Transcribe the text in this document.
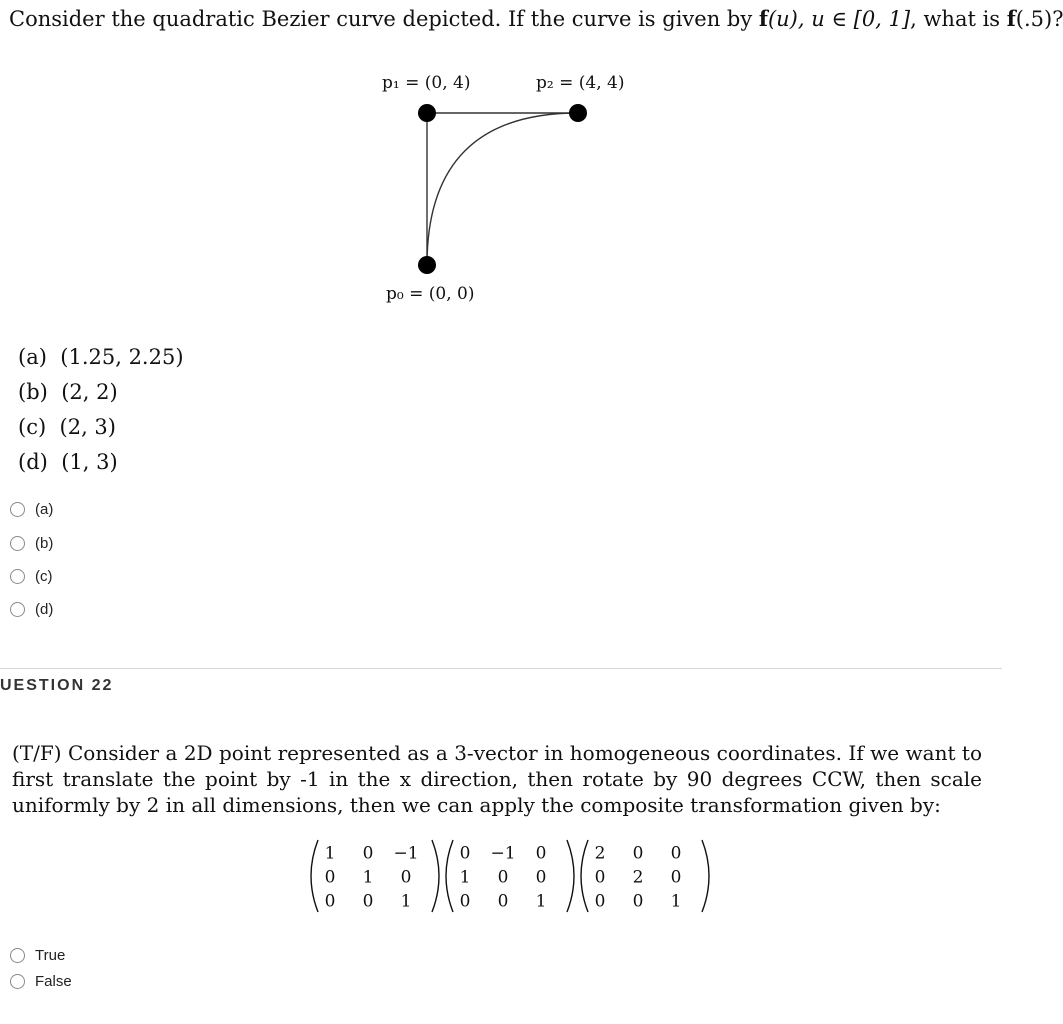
Consider the quadratic Bezier curve depicted. If the curve is given by f(u), u ∈ [0, 1], what is f(.5)?
p₁ = (0, 4)	p₂ = (4, 4)
p₀ = (0, 0)
(a) (1.25, 2.25)
(b) (2, 2)
(c) (2, 3)
(d) (1, 3)
(a)
(b)
(c)
(d)
UESTION 22
(T/F) Consider a 2D point represented as a 3-vector in homogeneous coordinates. If we want to first translate the point by -1 in the x direction, then rotate by 90 degrees CCW, then scale uniformly by 2 in all dimensions, then we can apply the composite transformation given by:
1 0 −1
0 1 0
0 0 1
0 −1 0
1 0 0
0 0 1
2 0 0
0 2 0
0 0 1
True
False
